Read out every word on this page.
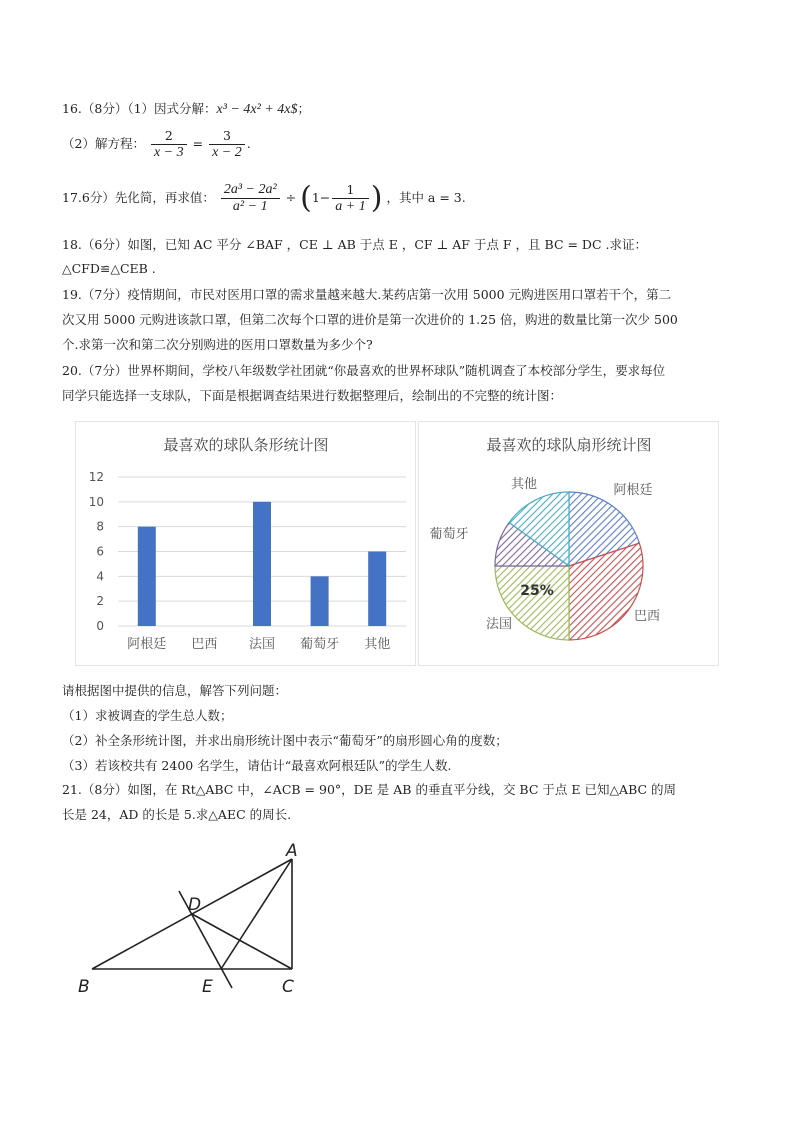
16.（8分）（1）因式分解：x³ − 4x² + 4x$；
（2）解方程： $\frac{2}{x - 3} = \frac{3}{x - 2}$ .
17.6分）先化简，再求值： $\frac{\text{2a³ − 2a²}}{\text{a² − 1}} \div (1- \frac{1}{a + 1}$ ) ，其中 a = 3.
18.（6分）如图，已知 AC 平分 ∠BAF ，CE ⊥ AB 于点 E ，CF ⊥ AF 于点 F ，且 BC = DC .求证：
△CFD≌△CEB .
19.（7分）疫情期间，市民对医用口罩的需求量越来越大.某药店第一次用 5000 元购进医用口罩若干个，第二
次又用 5000 元购进该款口罩，但第二次每个口罩的进价是第一次进价的 1.25 倍，购进的数量比第一次少 500
个.求第一次和第二次分别购进的医用口罩数量为多少个?
20.（7分）世界杯期间，学校八年级数学社团就“你最喜欢的世界杯球队”随机调查了本校部分学生，要求每位
同学只能选择一支球队，下面是根据调查结果进行数据整理后，绘制出的不完整的统计图：
最喜欢的球队条形统计图
0
2
4
6
8
10
12
阿根廷 巴西 法国 葡萄牙 其他
最喜欢的球队扇形统计图
阿根廷
巴西
法国
葡萄牙
其他
25%
请根据图中提供的信息，解答下列问题：
（1）求被调查的学生总人数；
（2）补全条形统计图，并求出扇形统计图中表示“葡萄牙”的扇形圆心角的度数；
（3）若该校共有 2400 名学生，请估计“最喜欢阿根廷队”的学生人数.
21.（8分）如图，在 Rt△ABC 中，∠ACB = 90°，DE 是 AB 的垂直平分线，交 BC 于点 E 已知△ABC 的周
长是 24，AD 的长是 5.求△AEC 的周长.
A
B	C
D
E
